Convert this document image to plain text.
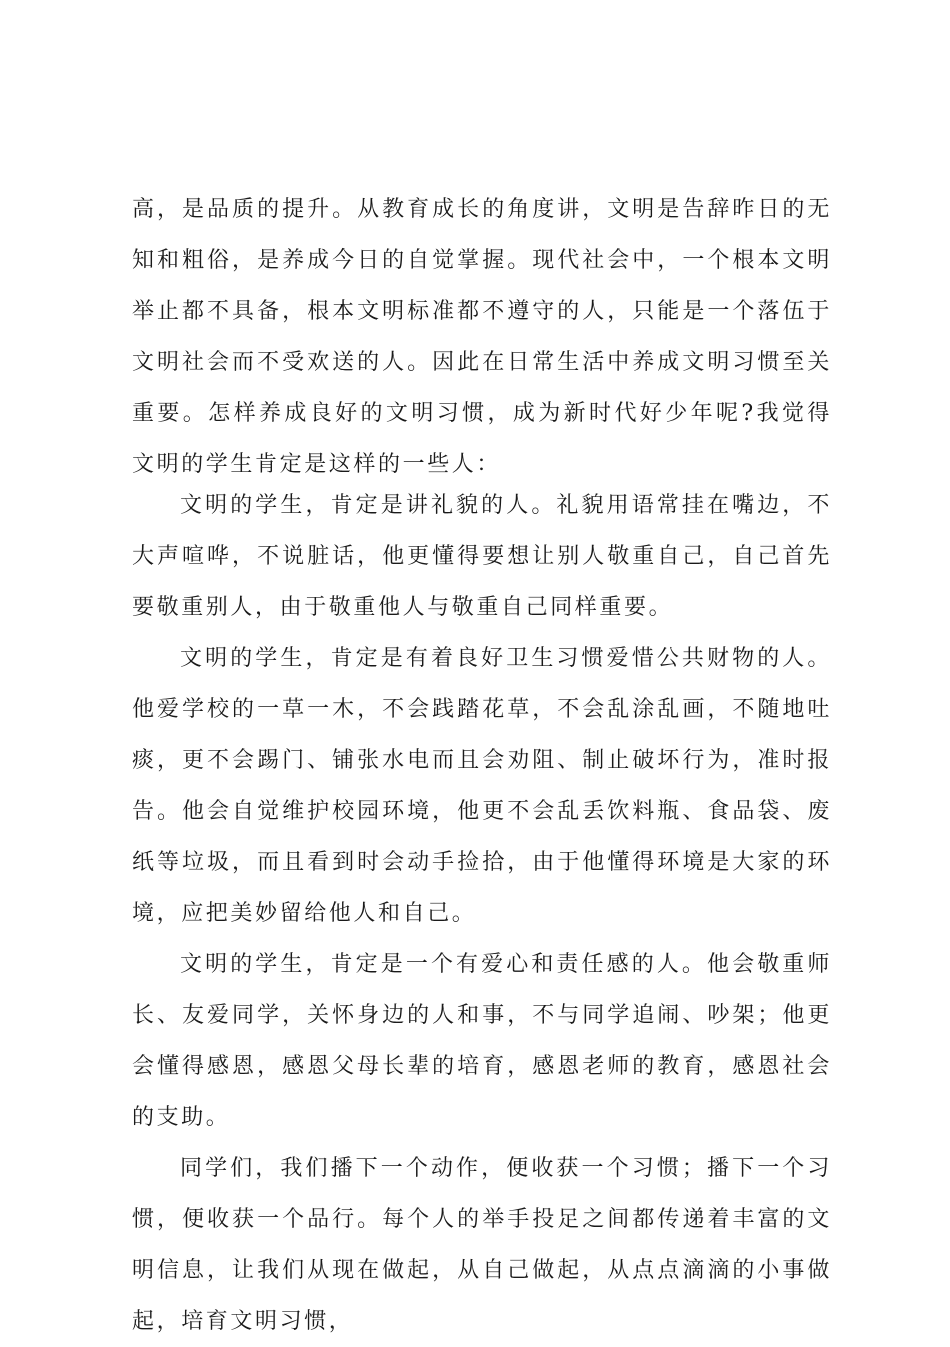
高，是品质的提升。从教育成长的角度讲，文明是告辞昨日的无知和粗俗，是养成今日的自觉掌握。现代社会中，一个根本文明举止都不具备，根本文明标准都不遵守的人，只能是一个落伍于文明社会而不受欢送的人。因此在日常生活中养成文明习惯至关重要。怎样养成良好的文明习惯，成为新时代好少年呢?我觉得文明的学生肯定是这样的一些人：

文明的学生，肯定是讲礼貌的人。礼貌用语常挂在嘴边，不大声喧哗，不说脏话，他更懂得要想让别人敬重自己，自己首先要敬重别人，由于敬重他人与敬重自己同样重要。

文明的学生，肯定是有着良好卫生习惯爱惜公共财物的人。他爱学校的一草一木，不会践踏花草，不会乱涂乱画，不随地吐痰，更不会踢门、铺张水电而且会劝阻、制止破坏行为，准时报告。他会自觉维护校园环境，他更不会乱丢饮料瓶、食品袋、废纸等垃圾，而且看到时会动手捡拾，由于他懂得环境是大家的环境，应把美妙留给他人和自己。

文明的学生，肯定是一个有爱心和责任感的人。他会敬重师长、友爱同学，关怀身边的人和事，不与同学追闹、吵架；他更会懂得感恩，感恩父母长辈的培育，感恩老师的教育，感恩社会的支助。

同学们，我们播下一个动作，便收获一个习惯；播下一个习惯，便收获一个品行。每个人的举手投足之间都传递着丰富的文明信息，让我们从现在做起，从自己做起，从点点滴滴的小事做起，培育文明习惯，
